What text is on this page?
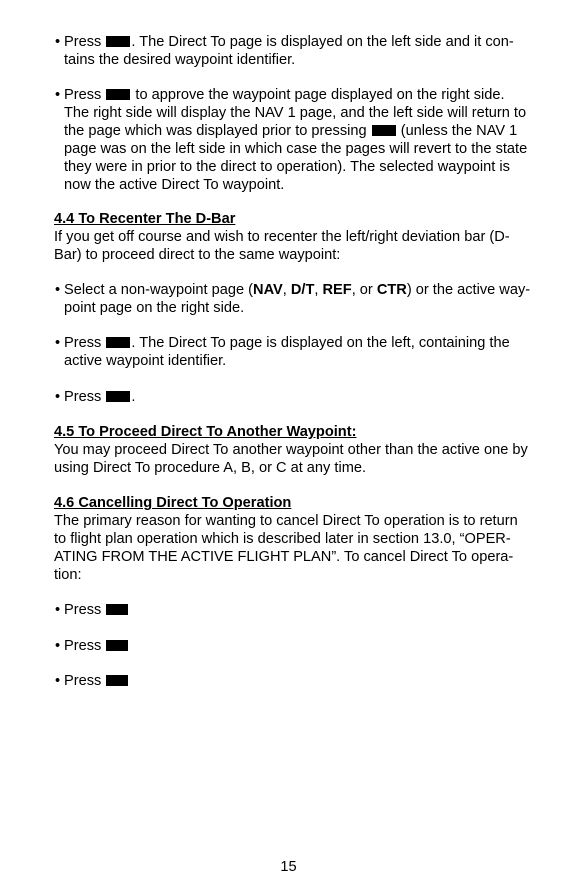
• Press . The Direct To page is displayed on the left side and it con-
tains the desired waypoint identifier.
• Press  to approve the waypoint page displayed on the right side.
The right side will display the NAV 1 page, and the left side will return to
the page which was displayed prior to pressing  (unless the NAV 1
page was on the left side in which case the pages will revert to the state
they were in prior to the direct to operation). The selected waypoint is
now the active Direct To waypoint.
4.4 To Recenter The D-Bar
If you get off course and wish to recenter the left/right deviation bar (D-
Bar) to proceed direct to the same waypoint:
• Select a non-waypoint page (NAV, D/T, REF, or CTR) or the active way-
point page on the right side.
• Press . The Direct To page is displayed on the left, containing the
active waypoint identifier.
• Press .
4.5 To Proceed Direct To Another Waypoint:
You may proceed Direct To another waypoint other than the active one by
using Direct To procedure A, B, or C at any time.
4.6 Cancelling Direct To Operation
The primary reason for wanting to cancel Direct To operation is to return
to flight plan operation which is described later in section 13.0, “OPER-
ATING FROM THE ACTIVE FLIGHT PLAN”. To cancel Direct To opera-
tion:
• Press
• Press
• Press
15
